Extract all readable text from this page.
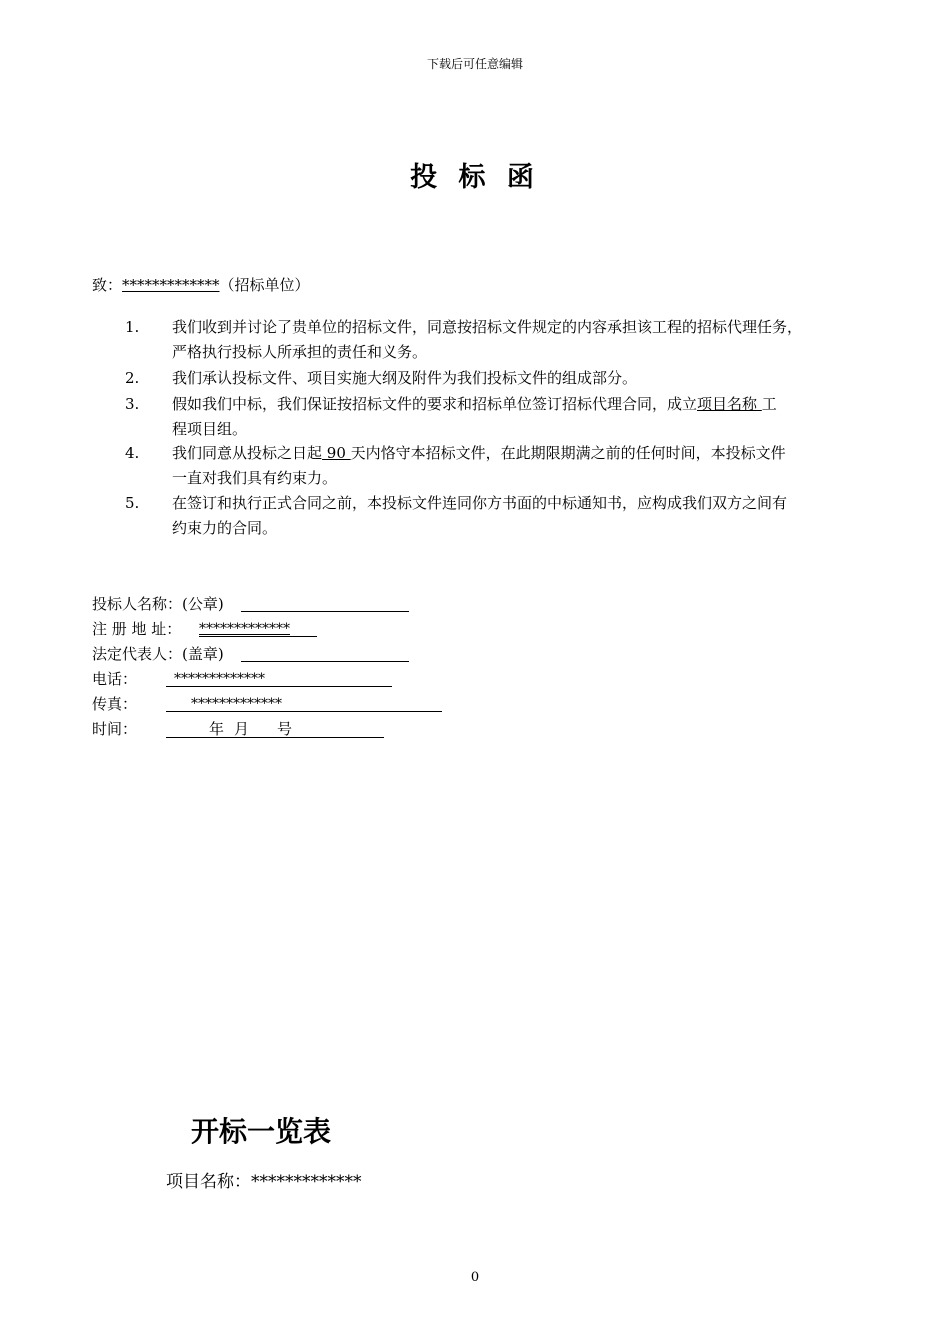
下载后可任意编辑
投 标 函
致：*************（招标单位）
1.	我们收到并讨论了贵单位的招标文件，同意按招标文件规定的内容承担该工程的招标代理任务，
严格执行投标人所承担的责任和义务。
2.	我们承认投标文件、项目实施大纲及附件为我们投标文件的组成部分。
3.	假如我们中标，我们保证按招标文件的要求和招标单位签订招标代理合同，成立项目名称 工
程项目组。
4.	我们同意从投标之日起 90 天内恪守本招标文件，在此期限期满之前的任何时间，本投标文件
一直对我们具有约束力。
5.	在签订和执行正式合同之前，本投标文件连同你方书面的中标通知书，应构成我们双方之间有
约束力的合同。
投标人名称：(公章)
注 册 地 址： *************
法定代表人：(盖章)
电话：	*************
传真：	*************
时间：	年 月 号
开标一览表
项目名称：*************
0
